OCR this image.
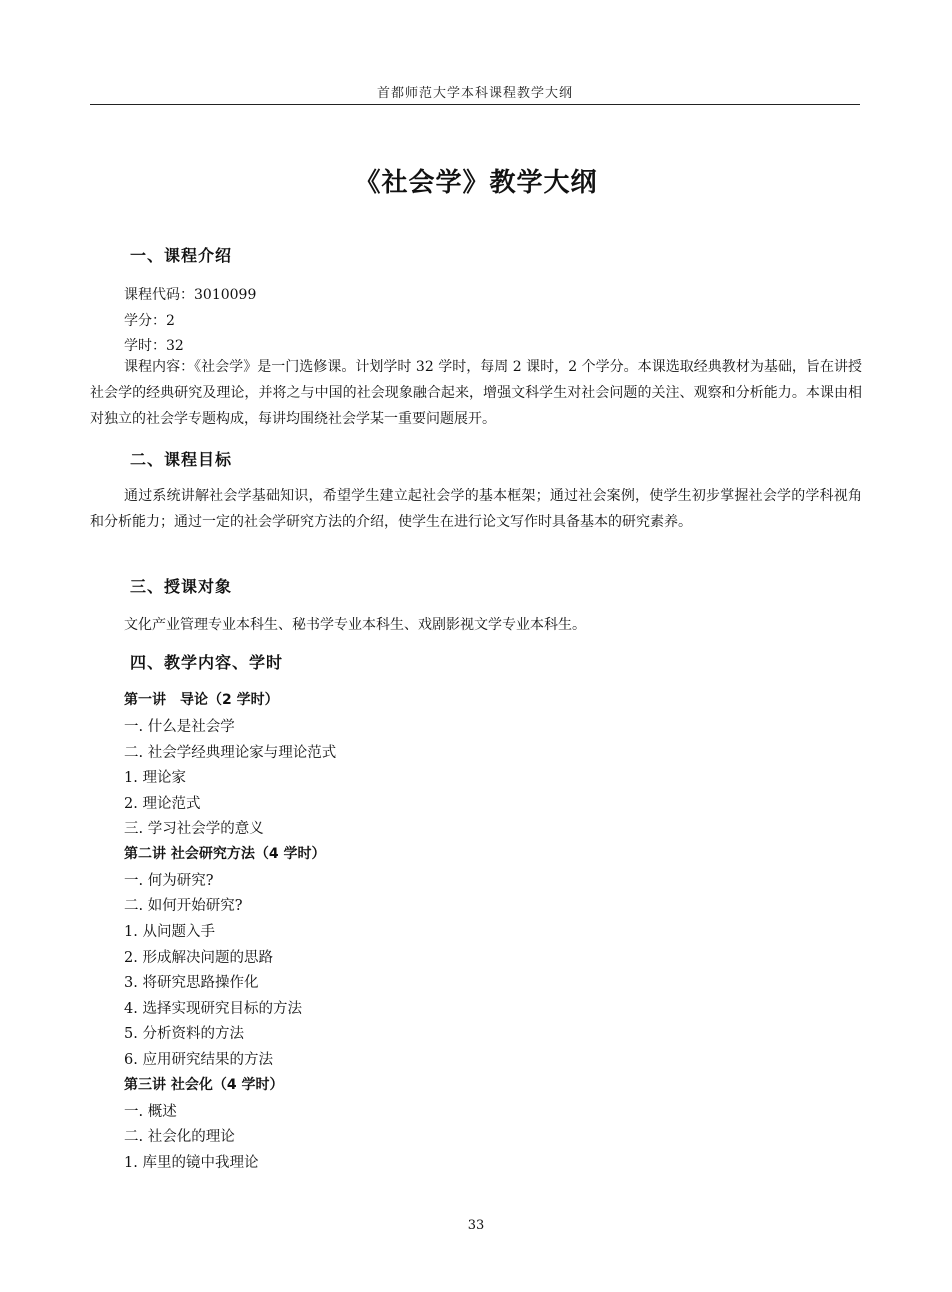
首都师范大学本科课程教学大纲
《社会学》教学大纲
一、课程介绍
课程代码：3010099
学分：2
学时：32
课程内容：《社会学》是一门选修课。计划学时 32 学时，每周 2 课时，2 个学分。本课选取经典教材为基础，旨在讲授社会学的经典研究及理论，并将之与中国的社会现象融合起来，增强文科学生对社会问题的关注、观察和分析能力。本课由相对独立的社会学专题构成，每讲均围绕社会学某一重要问题展开。
二、课程目标
通过系统讲解社会学基础知识，希望学生建立起社会学的基本框架；通过社会案例，使学生初步掌握社会学的学科视角和分析能力；通过一定的社会学研究方法的介绍，使学生在进行论文写作时具备基本的研究素养。
三、授课对象
文化产业管理专业本科生、秘书学专业本科生、戏剧影视文学专业本科生。
四、教学内容、学时
第一讲　导论（2 学时）
一. 什么是社会学
二. 社会学经典理论家与理论范式
1. 理论家
2. 理论范式
三. 学习社会学的意义
第二讲 社会研究方法（4 学时）
一. 何为研究?
二. 如何开始研究?
1. 从问题入手
2. 形成解决问题的思路
3. 将研究思路操作化
4. 选择实现研究目标的方法
5. 分析资料的方法
6. 应用研究结果的方法
第三讲 社会化（4 学时）
一. 概述
二. 社会化的理论
1. 库里的镜中我理论
33
